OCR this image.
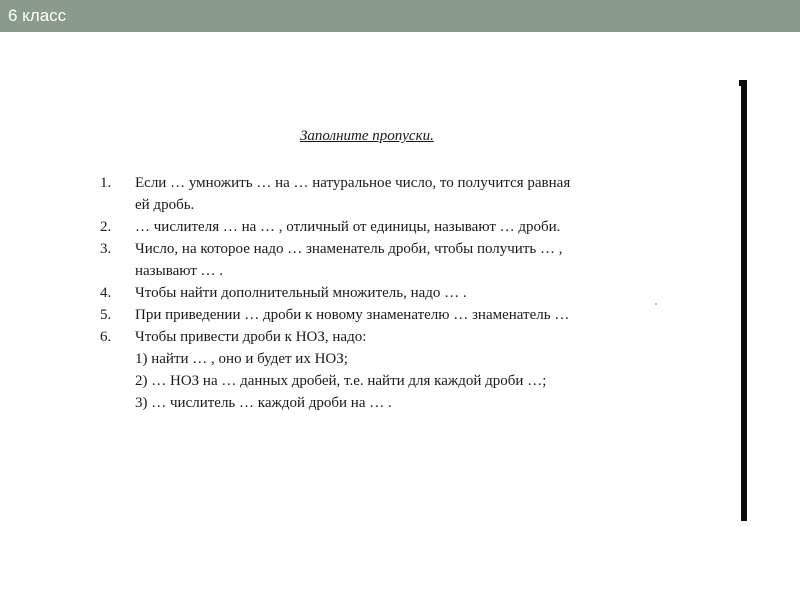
6 класс
Заполните пропуски.
1. Если … умножить … на … натуральное число, то получится равная
ей дробь.
2. … числителя … на … , отличный от единицы, называют … дроби.
3. Число, на которое надо … знаменатель дроби, чтобы получить … ,
называют … .
4. Чтобы найти дополнительный множитель, надо … .
5. При приведении … дроби к новому знаменателю … знаменатель …
6. Чтобы привести дроби к НОЗ, надо:
1) найти … , оно и будет их НОЗ;
2) … НОЗ на … данных дробей, т.е. найти для каждой дроби …;
3) … числитель … каждой дроби на … .
